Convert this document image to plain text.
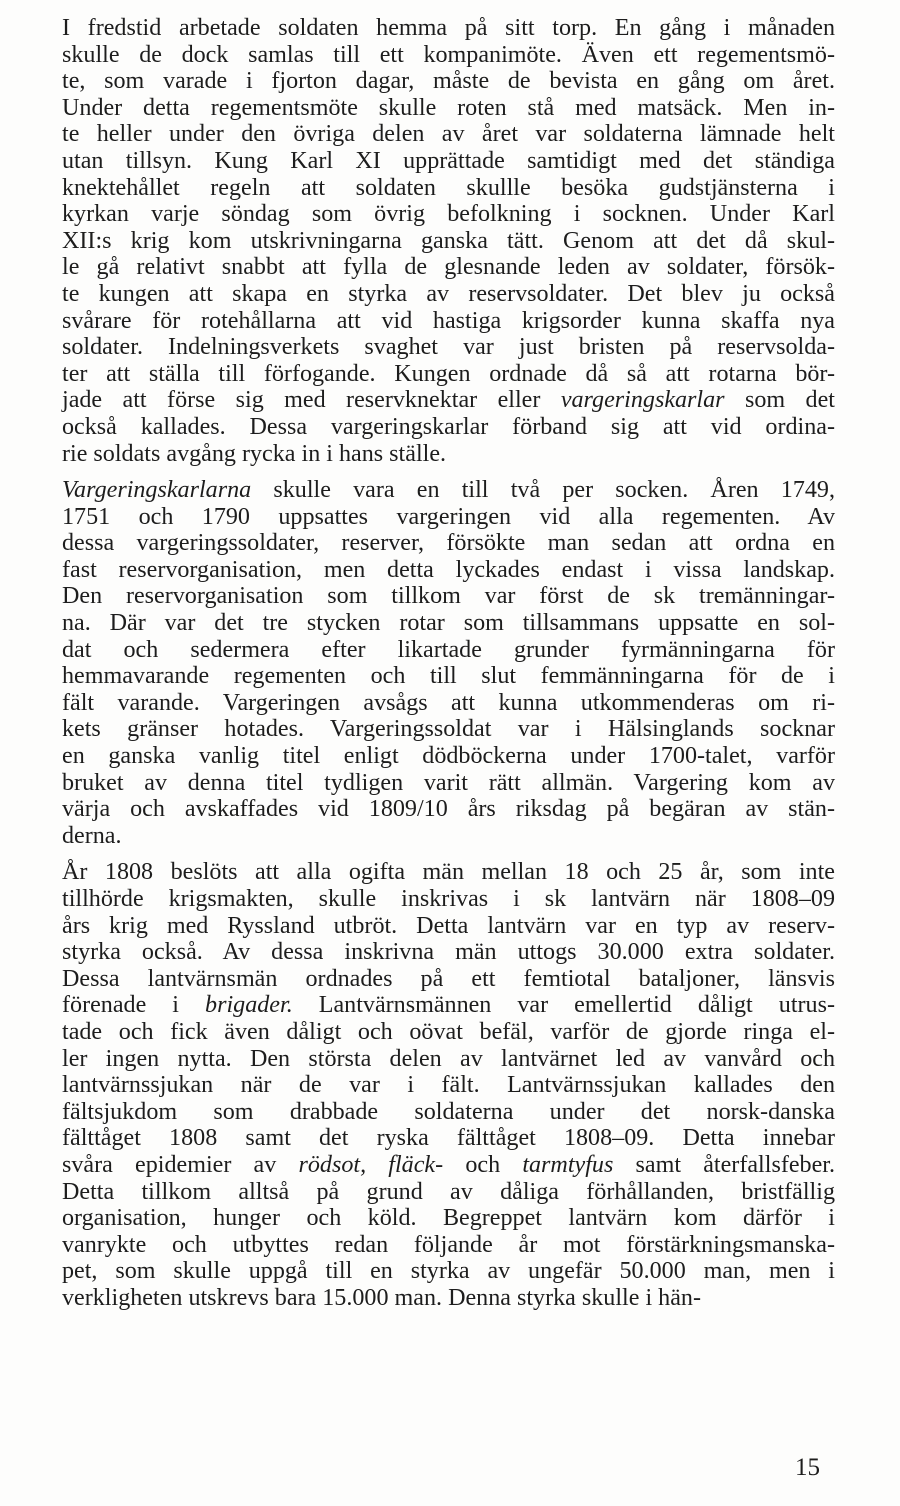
I fredstid arbetade soldaten hemma på sitt torp. En gång i månaden
skulle de dock samlas till ett kompanimöte. Även ett regementsmö-
te, som varade i fjorton dagar, måste de bevista en gång om året.
Under detta regementsmöte skulle roten stå med matsäck. Men in-
te heller under den övriga delen av året var soldaterna lämnade helt
utan tillsyn. Kung Karl XI upprättade samtidigt med det ständiga
knektehållet regeln att soldaten skullle besöka gudstjänsterna i
kyrkan varje söndag som övrig befolkning i socknen. Under Karl
XII:s krig kom utskrivningarna ganska tätt. Genom att det då skul-
le gå relativt snabbt att fylla de glesnande leden av soldater, försök-
te kungen att skapa en styrka av reservsoldater. Det blev ju också
svårare för rotehållarna att vid hastiga krigsorder kunna skaffa nya
soldater. Indelningsverkets svaghet var just bristen på reservsolda-
ter att ställa till förfogande. Kungen ordnade då så att rotarna bör-
jade att förse sig med reservknektar eller vargeringskarlar som det
också kallades. Dessa vargeringskarlar förband sig att vid ordina-
rie soldats avgång rycka in i hans ställe.
Vargeringskarlarna skulle vara en till två per socken. Åren 1749,
1751 och 1790 uppsattes vargeringen vid alla regementen. Av
dessa vargeringssoldater, reserver, försökte man sedan att ordna en
fast reservorganisation, men detta lyckades endast i vissa landskap.
Den reservorganisation som tillkom var först de sk tremänningar-
na. Där var det tre stycken rotar som tillsammans uppsatte en sol-
dat och sedermera efter likartade grunder fyrmänningarna för
hemmavarande regementen och till slut femmänningarna för de i
fält varande. Vargeringen avsågs att kunna utkommenderas om ri-
kets gränser hotades. Vargeringssoldat var i Hälsinglands socknar
en ganska vanlig titel enligt dödböckerna under 1700-talet, varför
bruket av denna titel tydligen varit rätt allmän. Vargering kom av
värja och avskaffades vid 1809/10 års riksdag på begäran av stän-
derna.
År 1808 beslöts att alla ogifta män mellan 18 och 25 år, som inte
tillhörde krigsmakten, skulle inskrivas i sk lantvärn när 1808–09
års krig med Ryssland utbröt. Detta lantvärn var en typ av reserv-
styrka också. Av dessa inskrivna män uttogs 30.000 extra soldater.
Dessa lantvärnsmän ordnades på ett femtiotal bataljoner, länsvis
förenade i brigader. Lantvärnsmännen var emellertid dåligt utrus-
tade och fick även dåligt och oövat befäl, varför de gjorde ringa el-
ler ingen nytta. Den största delen av lantvärnet led av vanvård och
lantvärnssjukan när de var i fält. Lantvärnssjukan kallades den
fältsjukdom som drabbade soldaterna under det norsk-danska
fälttåget 1808 samt det ryska fälttåget 1808–09. Detta innebar
svåra epidemier av rödsot, fläck- och tarmtyfus samt återfallsfeber.
Detta tillkom alltså på grund av dåliga förhållanden, bristfällig
organisation, hunger och köld. Begreppet lantvärn kom därför i
vanrykte och utbyttes redan följande år mot förstärkningsmanska-
pet, som skulle uppgå till en styrka av ungefär 50.000 man, men i
verkligheten utskrevs bara 15.000 man. Denna styrka skulle i hän-
15
